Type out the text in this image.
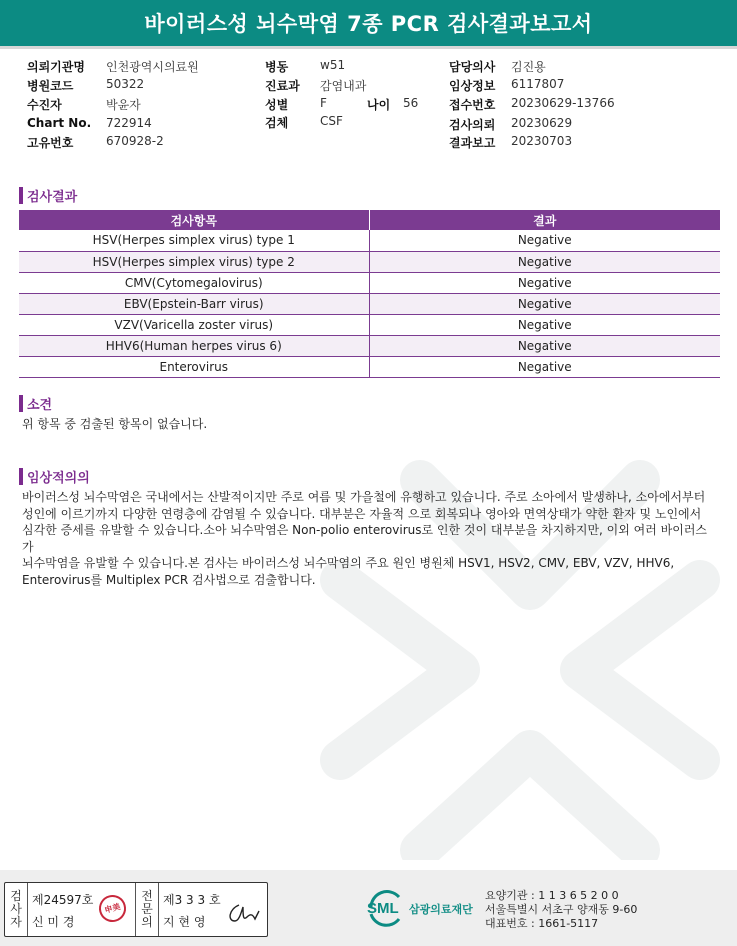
바이러스성 뇌수막염 7종 PCR 검사결과보고서
의뢰기관명 인천광역시의료원
병원코드	50322
수진자	박윤자
Chart No. 722914
고유번호	670928-2
병동	w51
진료과 감염내과
성별	F	나이 56
검체	CSF
담당의사 김진용
임상정보 6117807
접수번호 20230629-13766
검사의뢰 20230629
결과보고 20230703
검사결과
검사항목	결과
HSV(Herpes simplex virus) type 1	Negative
HSV(Herpes simplex virus) type 2	Negative
CMV(Cytomegalovirus)	Negative
EBV(Epstein-Barr virus)	Negative
VZV(Varicella zoster virus)	Negative
HHV6(Human herpes virus 6)	Negative
Enterovirus	Negative
소견
위 항목 중 검출된 항목이 없습니다.
임상적의의
바이러스성 뇌수막염은 국내에서는 산발적이지만 주로 여름 및 가을철에 유행하고 있습니다. 주로 소아에서 발생하나, 소아에서부터
성인에 이르기까지 다양한 연령층에 감염될 수 있습니다. 대부분은 자율적 으로 회복되나 영아와 면역상태가 약한 환자 및 노인에서
심각한 증세를 유발할 수 있습니다.소아 뇌수막염은 Non-polio enterovirus로 인한 것이 대부분을 차지하지만, 이외 여러 바이러스가
뇌수막염을 유발할 수 있습니다.본 검사는 바이러스성 뇌수막염의 주요 원인 병원체 HSV1, HSV2, CMV, EBV, VZV, HHV6,
Enterovirus를 Multiplex PCR 검사법으로 검출합니다.
검
사
자
제24597호
신 미 경
전
문
의
제3 3 3 호
지 현 영
申美	SML 삼광의료재단
요양기관 : 1 1 3 6 5 2 0 0
서울특별시 서초구 양재동 9-60
대표번호 : 1661-5117
